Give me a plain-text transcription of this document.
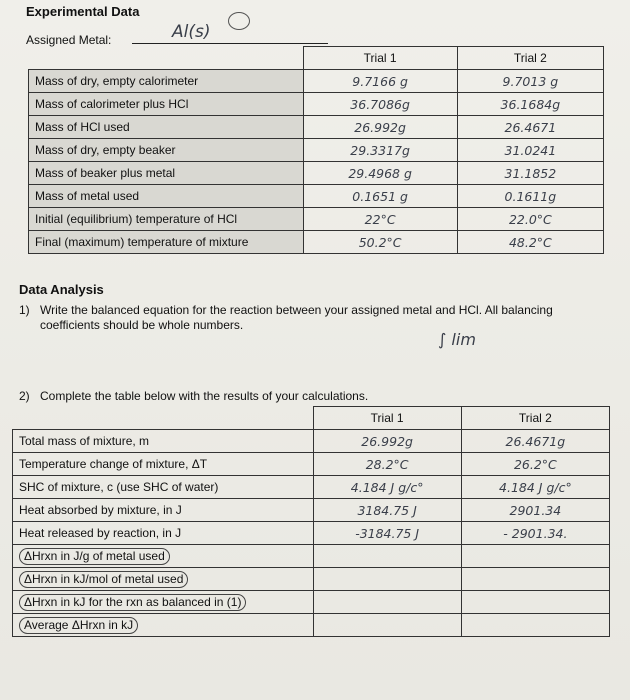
Experimental Data
Assigned Metal:	Al(s)
	Trial 1	Trial 2
Mass of dry, empty calorimeter	9.7166 g	9.7013 g
Mass of calorimeter plus HCl	36.7086g	36.1684g
Mass of HCl used	26.992g	26.4671
Mass of dry, empty beaker	29.3317g	31.0241
Mass of beaker plus metal	29.4968 g	31.1852
Mass of metal used	0.1651 g	0.1611g
Initial (equilibrium) temperature of HCl	22°C	22.0°C
Final (maximum) temperature of mixture	50.2°C	48.2°C
Data Analysis
1) Write the balanced equation for the reaction between your assigned metal and HCl. All balancing coefficients should be whole numbers.
∫ lim
2) Complete the table below with the results of your calculations.
	Trial 1	Trial 2
Total mass of mixture, m	26.992g	26.4671g
Temperature change of mixture, ΔT	28.2°C	26.2°C
SHC of mixture, c (use SHC of water)	4.184 J g/c°	4.184 J g/c°
Heat absorbed by mixture, in J	3184.75 J	2901.34
Heat released by reaction, in J	-3184.75 J	- 2901.34.
ΔHrxn in J/g of metal used		
ΔHrxn in kJ/mol of metal used		
ΔHrxn in kJ for the rxn as balanced in (1)		
Average ΔHrxn in kJ		
